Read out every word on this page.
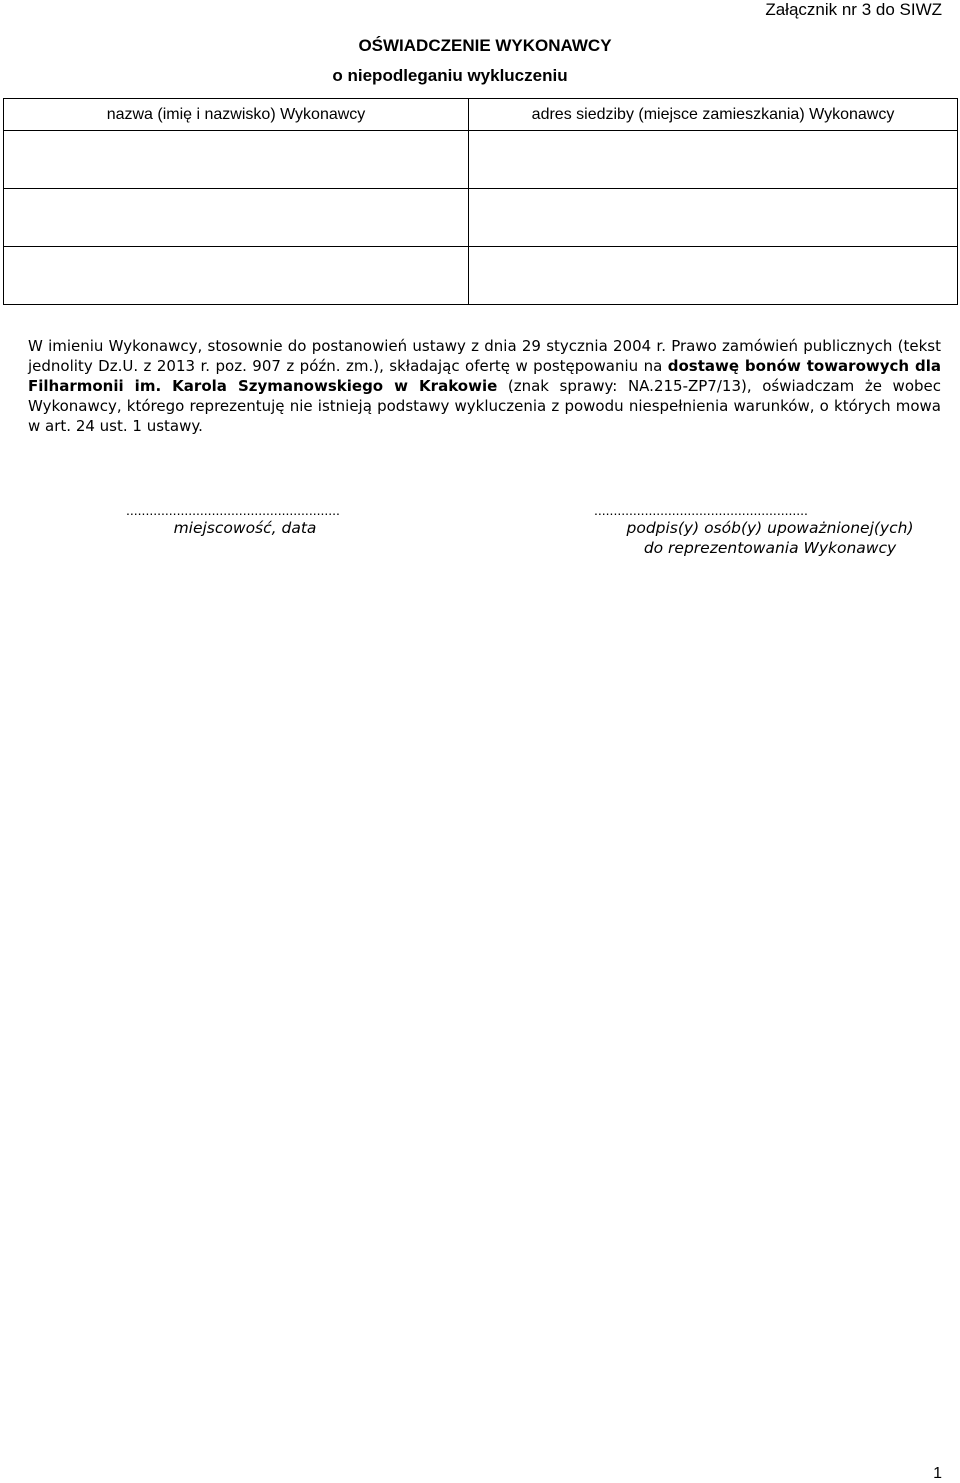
Załącznik nr 3 do SIWZ
OŚWIADCZENIE WYKONAWCY
o niepodleganiu wykluczeniu
nazwa (imię i nazwisko) Wykonawcy	adres siedziby (miejsce zamieszkania) Wykonawcy

W imieniu Wykonawcy, stosownie do postanowień ustawy z dnia 29 stycznia 2004 r. Prawo zamówień publicznych (tekst jednolity Dz.U. z 2013 r. poz. 907 z późn. zm.), składając ofertę w postępowaniu na dostawę bonów towarowych dla Filharmonii im. Karola Szymanowskiego w Krakowie (znak sprawy: NA.215-ZP7/13), oświadczam że wobec Wykonawcy, którego reprezentuję nie istnieją podstawy wykluczenia z powodu niespełnienia warunków, o których mowa w art. 24 ust. 1 ustawy.
.......................................................
miejscowość, data
.......................................................
podpis(y) osób(y) upoważnionej(ych)
do reprezentowania Wykonawcy
1
